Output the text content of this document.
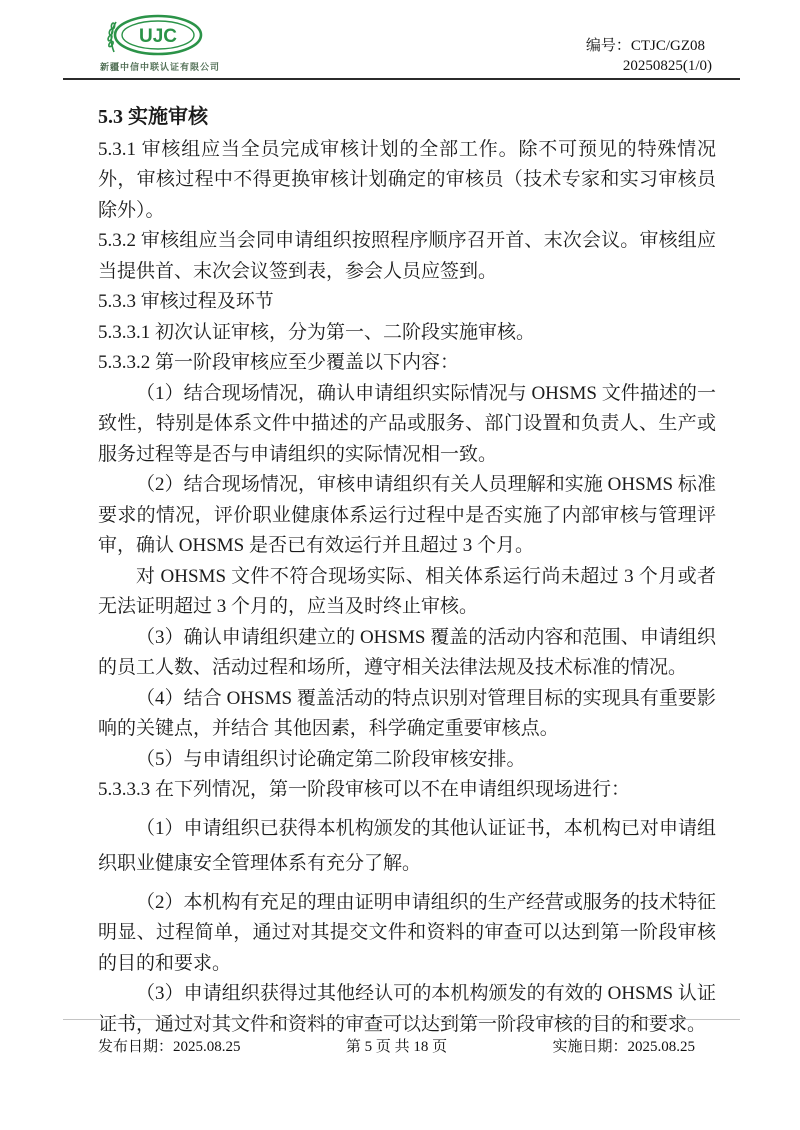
UJC
新疆中信中联认证有限公司
编号：CTJC/GZ08
20250825(1/0)

5.3 实施审核

5.3.1 审核组应当全员完成审核计划的全部工作。除不可预见的特殊情况外，审核过程中不得更换审核计划确定的审核员（技术专家和实习审核员除外）。

5.3.2 审核组应当会同申请组织按照程序顺序召开首、末次会议。审核组应当提供首、末次会议签到表，参会人员应签到。

5.3.3 审核过程及环节

5.3.3.1 初次认证审核，分为第一、二阶段实施审核。

5.3.3.2 第一阶段审核应至少覆盖以下内容：

（1）结合现场情况，确认申请组织实际情况与 OHSMS 文件描述的一致性，特别是体系文件中描述的产品或服务、部门设置和负责人、生产或服务过程等是否与申请组织的实际情况相一致。

（2）结合现场情况，审核申请组织有关人员理解和实施 OHSMS 标准要求的情况，评价职业健康体系运行过程中是否实施了内部审核与管理评审，确认 OHSMS 是否已有效运行并且超过 3 个月。

对 OHSMS 文件不符合现场实际、相关体系运行尚未超过 3 个月或者无法证明超过 3 个月的，应当及时终止审核。

（3）确认申请组织建立的 OHSMS 覆盖的活动内容和范围、申请组织的员工人数、活动过程和场所，遵守相关法律法规及技术标准的情况。

（4）结合 OHSMS 覆盖活动的特点识别对管理目标的实现具有重要影响的关键点，并结合 其他因素，科学确定重要审核点。

（5）与申请组织讨论确定第二阶段审核安排。

5.3.3.3 在下列情况，第一阶段审核可以不在申请组织现场进行：

（1）申请组织已获得本机构颁发的其他认证证书，本机构已对申请组织职业健康安全管理体系有充分了解。

（2）本机构有充足的理由证明申请组织的生产经营或服务的技术特征明显、过程简单，通过对其提交文件和资料的审查可以达到第一阶段审核的目的和要求。

（3）申请组织获得过其他经认可的本机构颁发的有效的 OHSMS 认证证书，通过对其文件和资料的审查可以达到第一阶段审核的目的和要求。

发布日期：2025.08.25	第 5 页 共 18 页	实施日期：2025.08.25
